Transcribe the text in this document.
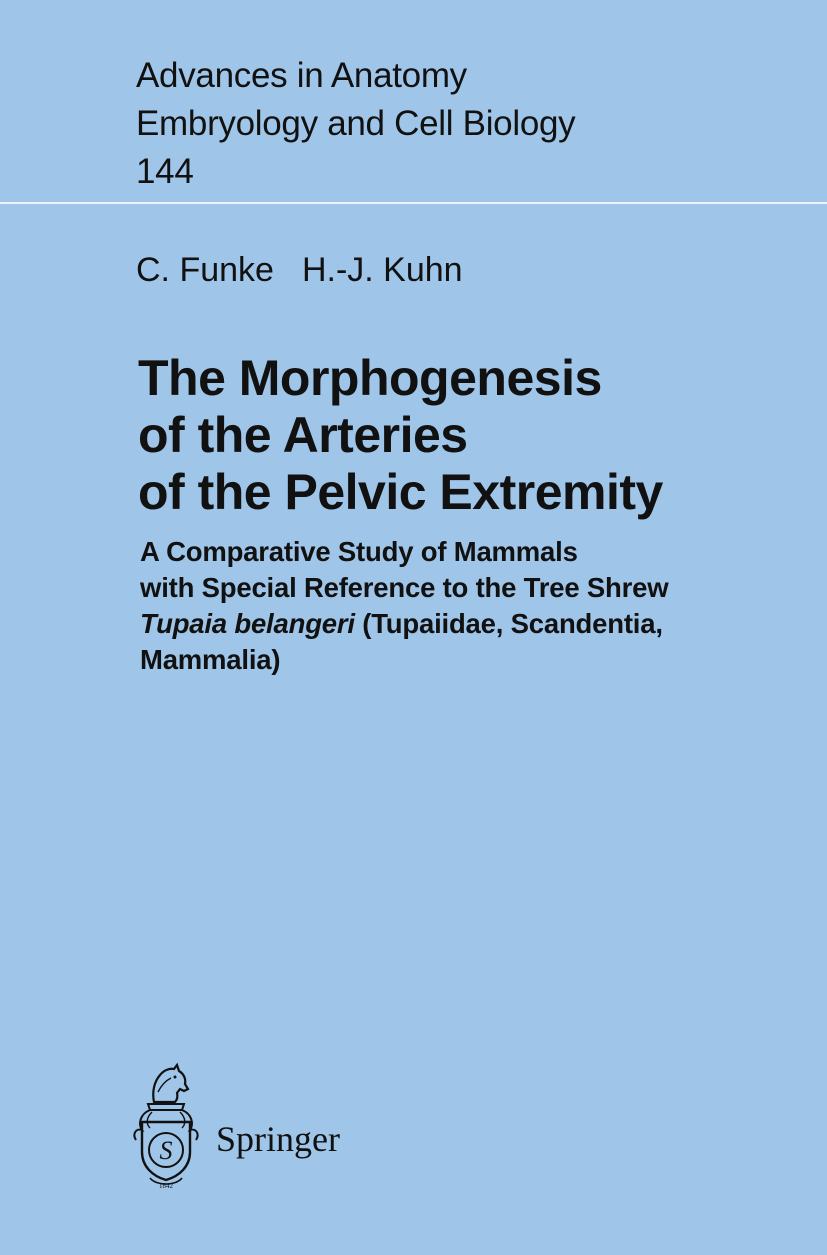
Advances in Anatomy
Embryology and Cell Biology
144
C. Funke H.-J. Kuhn
The Morphogenesis
of the Arteries
of the Pelvic Extremity
A Comparative Study of Mammals
with Special Reference to the Tree Shrew
Tupaia belangeri (Tupaiidae, Scandentia,
Mammalia)
S
1842
Springer
